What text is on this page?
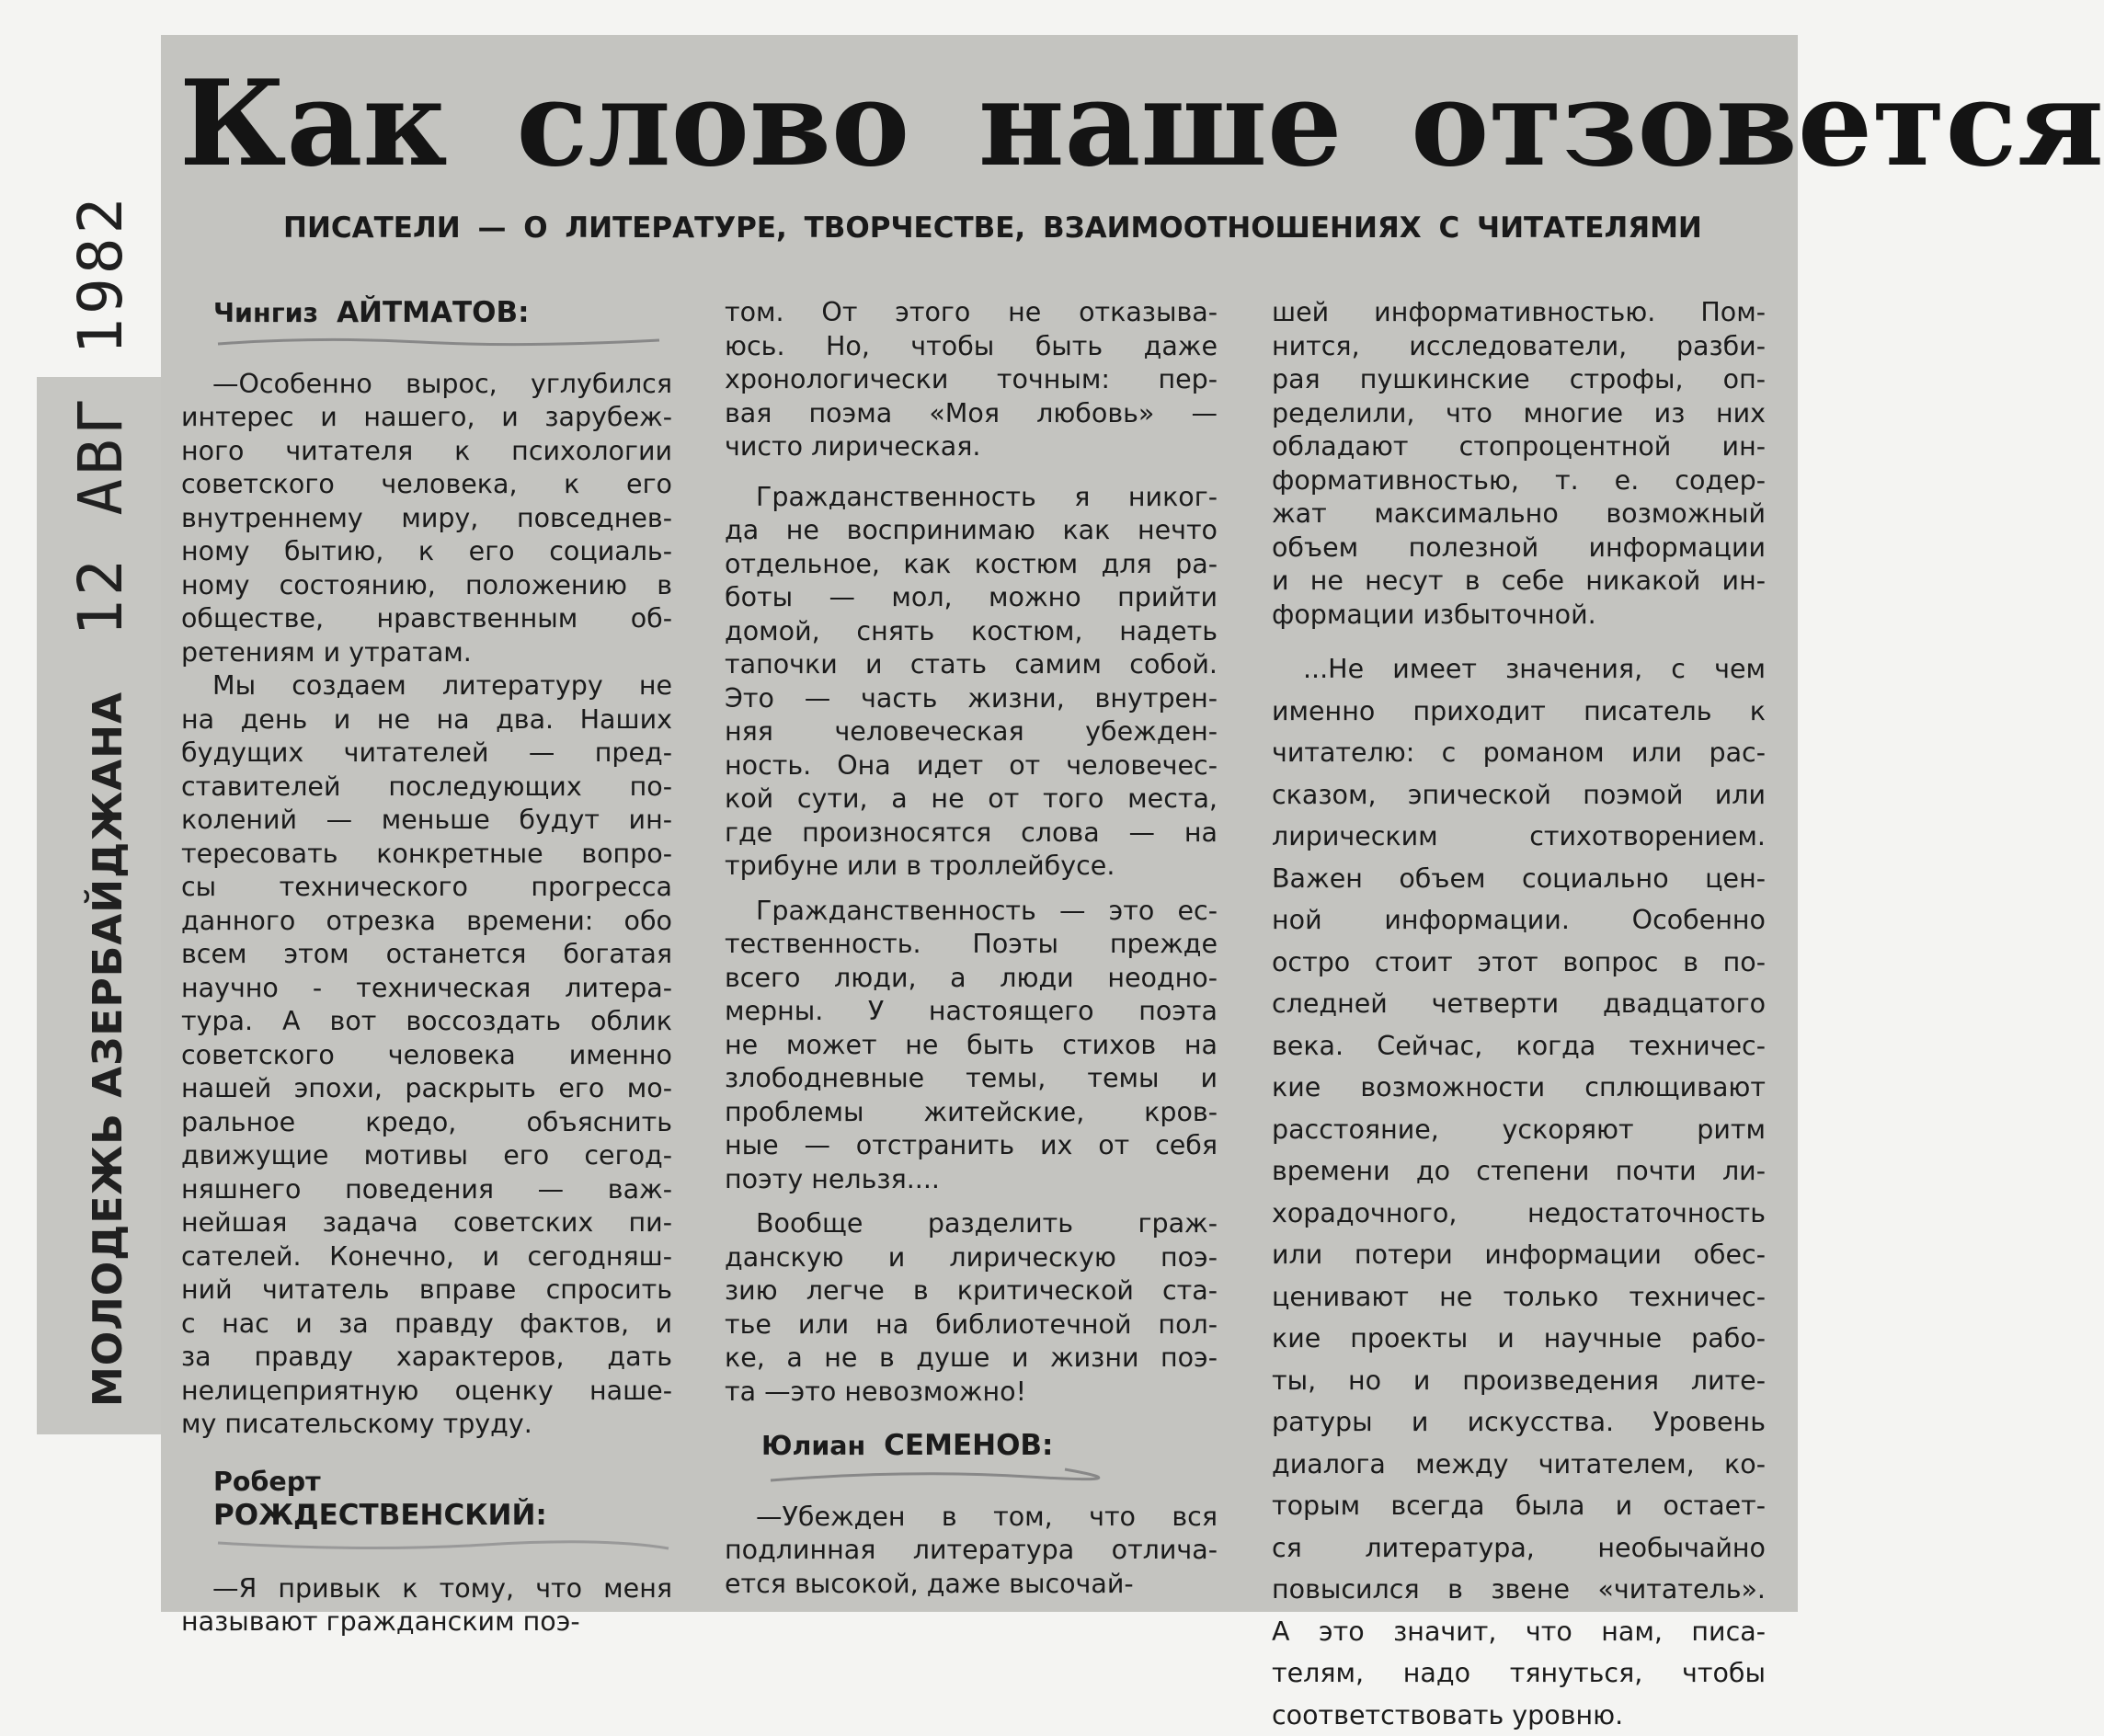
Как слово наше отзовется
ПИСАТЕЛИ — О ЛИТЕРАТУРЕ, ТВОРЧЕСТВЕ, ВЗАИМООТНОШЕНИЯХ С ЧИТАТЕЛЯМИ
МОЛОДЕЖЬ АЗЕРБАЙДЖАНА12 АВГ 1982	Чингиз АЙТМАТОВ:

—Особенно вырос, углубился

интерес и нашего, и зарубеж-

ного читателя к психологии

советского человека, к его

внутреннему миру, повседнев-

ному бытию, к его социаль-

ному состоянию, положению в

обществе, нравственным об-

ретениям и утратам.

Мы создаем литературу не

на день и не на два. Наших

будущих читателей — пред-

ставителей последующих по-

колений — меньше будут ин-

тересовать конкретные вопро-

сы технического прогресса

данного отрезка времени: обо

всем этом останется богатая

научно - техническая литера-

тура. А вот воссоздать облик

советского человека именно

нашей эпохи, раскрыть его мо-

ральное кредо, объяснить

движущие мотивы его сегод-

няшнего поведения — важ-

нейшая задача советских пи-

сателей. Конечно, и сегодняш-

ний читатель вправе спросить

с нас и за правду фактов, и

за правду характеров, дать

нелицеприятную оценку наше-

му писательскому труду.

Роберт РОЖДЕСТВЕНСКИЙ:

—Я привык к тому, что меня

называют гражданским поэ-

том. От этого не отказыва-

юсь. Но, чтобы быть даже

хронологически точным: пер-

вая поэма «Моя любовь» —

чисто лирическая.

Гражданственность я никог-

да не воспринимаю как нечто

отдельное, как костюм для ра-

боты — мол, можно прийти

домой, снять костюм, надеть

тапочки и стать самим собой.

Это — часть жизни, внутрен-

няя человеческая убежден-

ность. Она идет от человечес-

кой сути, а не от того места,

где произносятся слова — на

трибуне или в троллейбусе.

Гражданственность — это ес-

тественность. Поэты прежде

всего люди, а люди неодно-

мерны. У настоящего поэта

не может не быть стихов на

злободневные темы, темы и

проблемы житейские, кров-

ные — отстранить их от себя

поэту нельзя....

Вообще разделить граж-

данскую и лирическую поэ-

зию легче в критической ста-

тье или на библиотечной пол-

ке, а не в душе и жизни поэ-

та —это невозможно!

Юлиан СЕМЕНОВ:

—Убежден в том, что вся

подлинная литература отлича-

ется высокой, даже высочай-

шей информативностью. Пом-

нится, исследователи, разби-

рая пушкинские строфы, оп-

ределили, что многие из них

обладают стопроцентной ин-

формативностью, т. е. содер-

жат максимально возможный

объем полезной информации

и не несут в себе никакой ин-

формации избыточной.

...Не имеет значения, с чем

именно приходит писатель к

читателю: с романом или рас-

сказом, эпической поэмой или

лирическим стихотворением.

Важен объем социально цен-

ной информации. Особенно

остро стоит этот вопрос в по-

следней четверти двадцатого

века. Сейчас, когда техничес-

кие возможности сплющивают

расстояние, ускоряют ритм

времени до степени почти ли-

хорадочного, недостаточность

или потери информации обес-

ценивают не только техничес-

кие проекты и научные рабо-

ты, но и произведения лите-

ратуры и искусства. Уровень

диалога между читателем, ко-

торым всегда была и остает-

ся литература, необычайно

повысился в звене «читатель».

А это значит, что нам, писа-

телям, надо тянуться, чтобы

соответствовать уровню.
